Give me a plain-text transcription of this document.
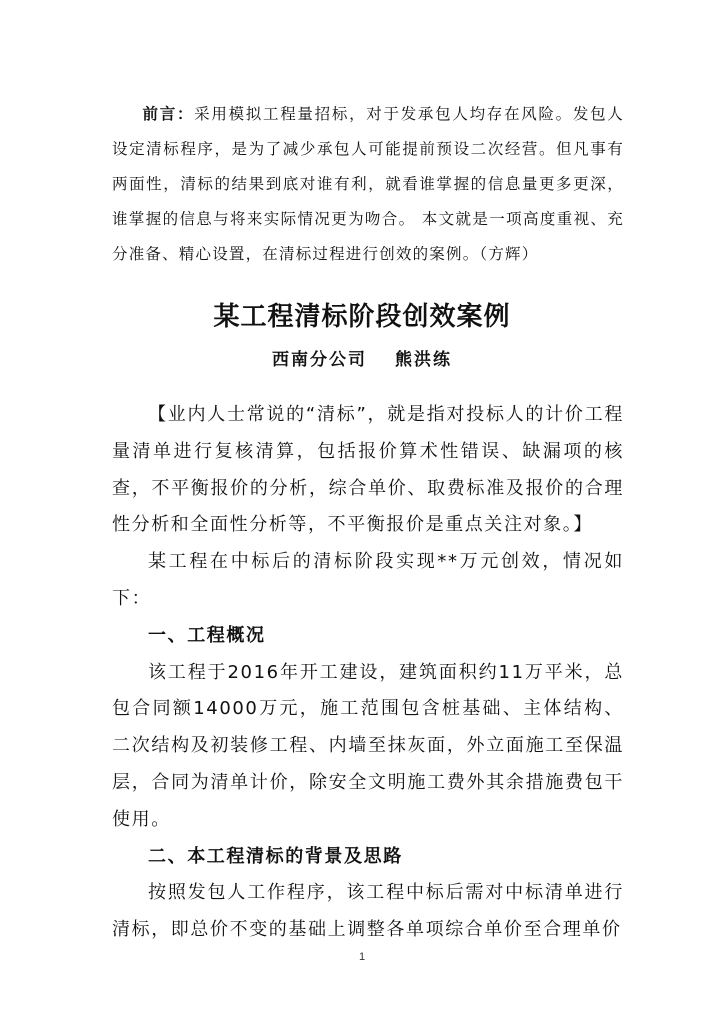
前言：采用模拟工程量招标，对于发承包人均存在风险。发包人设定清标程序，是为了减少承包人可能提前预设二次经营。但凡事有两面性，清标的结果到底对谁有利，就看谁掌握的信息量更多更深，谁掌握的信息与将来实际情况更为吻合。 本文就是一项高度重视、充分准备、精心设置，在清标过程进行创效的案例。（方辉）
某工程清标阶段创效案例
西南分公司 熊洪练

【业内人士常说的“清标”，就是指对投标人的计价工程量清单进行复核清算，包括报价算术性错误、缺漏项的核查，不平衡报价的分析，综合单价、取费标准及报价的合理性分析和全面性分析等，不平衡报价是重点关注对象。】

某工程在中标后的清标阶段实现**万元创效，情况如下：

一、工程概况

该工程于2016年开工建设，建筑面积约11万平米，总包合同额14000万元，施工范围包含桩基础、主体结构、二次结构及初装修工程、内墙至抹灰面，外立面施工至保温层，合同为清单计价，除安全文明施工费外其余措施费包干使用。

二、本工程清标的背景及思路

按照发包人工作程序，该工程中标后需对中标清单进行清标，即总价不变的基础上调整各单项综合单价至合理单价

1
